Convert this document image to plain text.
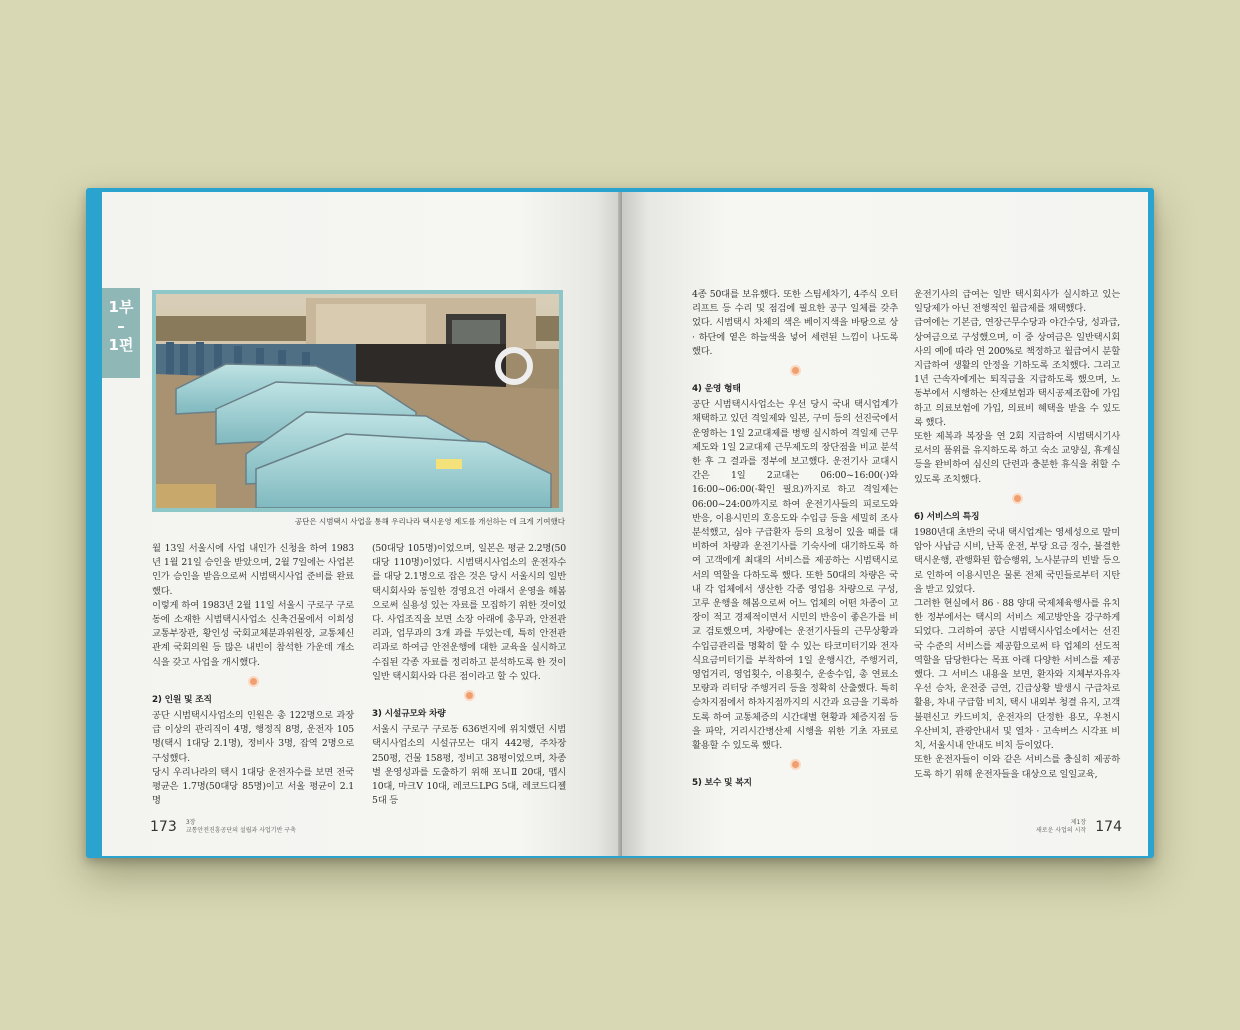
1부
–
1편
공단은 시범택시 사업을 통해 우리나라 택시운영 제도를 개선하는 데 크게 기여했다

월 13일 서울시에 사업 내인가 신청을 하여 1983년 1월 21일 승인을 받았으며, 2월 7일에는 사업본인가 승인을 받음으로써 시범택시사업 준비를 완료했다.

이렇게 하여 1983년 2월 11일 서울시 구로구 구로동에 소재한 시범택시사업소 신축건물에서 이희성 교통부장관, 황인성 국회교체분과위원장, 교통체신관계 국회의원 등 많은 내빈이 참석한 가운데 개소식을 갖고 사업을 개시했다.

2) 인원 및 조직

공단 시범택시사업소의 인원은 총 122명으로 과장급 이상의 관리직이 4명, 행정직 8명, 운전자 105명(택시 1대당 2.1명), 정비사 3명, 잡역 2명으로 구성했다.

당시 우리나라의 택시 1대당 운전자수를 보면 전국 평균은 1.7명(50대당 85명)이고 서울 평균이 2.1명

(50대당 105명)이었으며, 일본은 평균 2.2명(50대당 110명)이었다. 시범택시사업소의 운전자수를 대당 2.1명으로 잡은 것은 당시 서울시의 일반 택시회사와 동일한 경영요건 아래서 운영을 해봄으로써 실용성 있는 자료를 모집하기 위한 것이었다. 사업조직을 보면 소장 아래에 총무과, 안전관리과, 업무과의 3개 과를 두었는데, 특히 안전관리과로 하여금 안전운행에 대한 교육을 실시하고 수집된 각종 자료를 정리하고 분석하도록 한 것이 일반 택시회사와 다른 점이라고 할 수 있다.

3) 시설규모와 차량

서울시 구로구 구로동 636번지에 위치했던 시범택시사업소의 시설규모는 대지 442평, 주차장 250평, 건물 158평, 정비고 38평이었으며, 차종별 운영성과를 도출하기 위해 포니Ⅱ 20대, 맵시 10대, 마크Ⅴ 10대, 레코드LPG 5대, 레코드디젤 5대 등

173 3장
교통안전진흥공단의 설립과 사업기반 구축

4종 50대를 보유했다. 또한 스팀세차기, 4주식 오터 리프트 등 수리 및 점검에 필요한 공구 일체를 갖추었다. 시범택시 차체의 색은 베이지색을 바탕으로 상 · 하단에 옅은 하늘색을 넣어 세련된 느낌이 나도록 했다.

4) 운영 형태

공단 시범택시사업소는 우선 당시 국내 택시업계가 채택하고 있던 격일제와 일본, 구미 등의 선진국에서 운영하는 1일 2교대제를 병행 실시하여 격일제 근무제도와 1일 2교대제 근무제도의 장단점을 비교 분석한 후 그 결과를 정부에 보고했다. 운전기사 교대시간은 1일 2교대는 06:00~16:00(·)와 16:00~06:00(·확인 필요)까지로 하고 격일제는 06:00~24:00까지로 하여 운전기사들의 피로도와 반응, 이용시민의 호응도와 수입금 등을 세밀히 조사 분석했고, 심야 구급환자 등의 요청이 있을 때를 대비하여 차량과 운전기사를 기숙사에 대기하도록 하여 고객에게 최대의 서비스를 제공하는 시범택시로서의 역할을 다하도록 했다. 또한 50대의 차량은 국내 각 업체에서 생산한 각종 영업용 차량으로 구성, 고루 운행을 해봄으로써 어느 업체의 어떤 차종이 고장이 적고 경제적이면서 시민의 반응이 좋은가를 비교 검토했으며, 차량에는 운전기사들의 근무상황과 수입금관리를 명확히 할 수 있는 타코미터기와 전자식요금미터기를 부착하여 1일 운행시간, 주행거리, 영업거리, 영업횟수, 이용횟수, 운송수입, 총 연료소모량과 리터당 주행거리 등을 정확히 산출했다. 특히 승차지점에서 하차지점까지의 시간과 요금을 기록하도록 하여 교통체증의 시간대별 현황과 체증지점 등을 파악, 거리시간병산제 시행을 위한 기초 자료로 활용할 수 있도록 했다.

5) 보수 및 복지

운전기사의 급여는 일반 택시회사가 실시하고 있는 일당제가 아닌 전행적인 월급제를 채택했다.

급여에는 기본급, 연장근무수당과 야간수당, 성과급, 상여금으로 구성했으며, 이 중 상여금은 일반택시회사의 예에 따라 연 200%로 책정하고 월급여시 분할 지급하여 생활의 안정을 기하도록 조치했다. 그리고 1년 근속자에게는 퇴직금을 지급하도록 했으며, 노동부에서 시행하는 산재보험과 택시공제조합에 가입하고 의료보험에 가입, 의료비 혜택을 받을 수 있도록 했다.

또한 제복과 복장을 연 2회 지급하여 시범택시기사로서의 품위를 유지하도록 하고 숙소 교양실, 휴게실 등을 완비하여 심신의 단련과 충분한 휴식을 취할 수 있도록 조치했다.

6) 서비스의 특징

1980년대 초반의 국내 택시업계는 영세성으로 말미암아 사납금 시비, 난폭 운전, 부당 요금 징수, 불결한 택시운행, 관행화된 합승행위, 노사분규의 빈발 등으로 인하여 이용시민은 물론 전체 국민들로부터 지탄을 받고 있었다.

그러한 현실에서 86 · 88 양대 국제체육행사를 유치한 정부에서는 택시의 서비스 제고방안을 강구하게 되었다. 그리하여 공단 시범택시사업소에서는 선진국 수준의 서비스를 제공함으로써 타 업체의 선도적 역할을 담당한다는 목표 아래 다양한 서비스를 제공했다. 그 서비스 내용을 보면, 환자와 지체부자유자 우선 승차, 운전중 금연, 긴급상황 발생시 구급차로 활용, 차내 구급함 비치, 택시 내외부 청결 유지, 고객불편신고 카드비치, 운전자의 단정한 용모, 우천시 우산비치, 관광안내서 및 열차 · 고속버스 시각표 비치, 서울시내 안내도 비치 등이었다.

또한 운전자들이 이와 같은 서비스를 충실히 제공하도록 하기 위해 운전자들을 대상으로 일일교육,

제1장
새로운 사업의 시작 174
